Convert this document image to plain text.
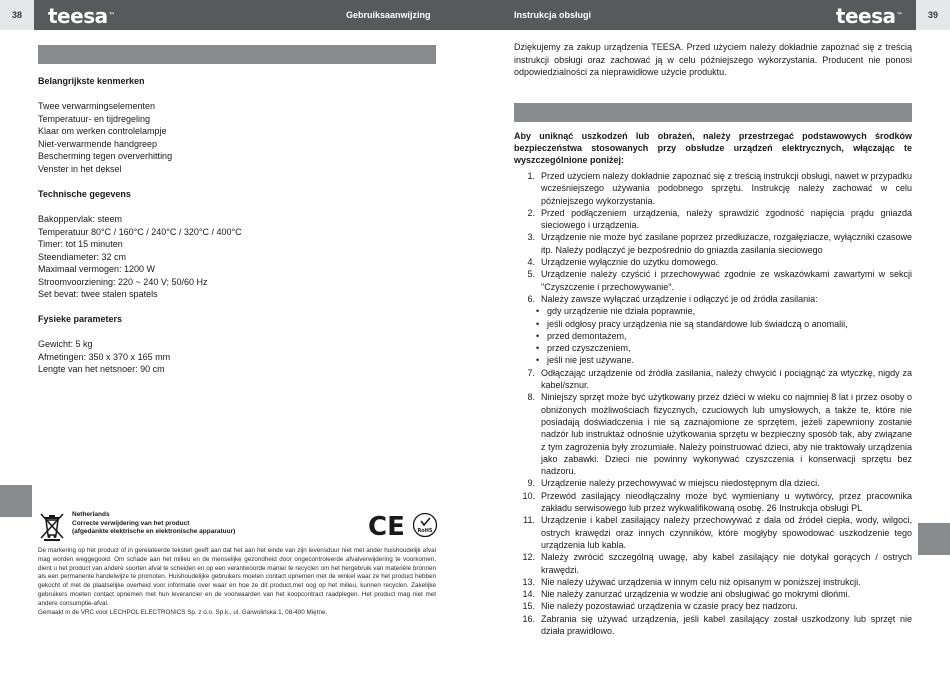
38	teesa™	Gebruiksaanwijzing	Instrukcja obsługi	teesa™	39
Belangrijkste kenmerken
Twee verwarmingselementen
Temperatuur- en tijdregeling
Klaar om werken controlelampje
Niet-verwarmende handgreep
Bescherming tegen oververhitting
Venster in het deksel
Technische gegevens
Bakoppervlak: steem
Temperatuur 80°C / 160°C / 240°C / 320°C / 400°C
Timer: tot 15 minuten
Steendiameter: 32 cm
Maximaal vermogen: 1200 W
Stroomvoorziening: 220 ~ 240 V; 50/60 Hz
Set bevat: twee stalen spatels
Fysieke parameters
Gewicht: 5 kg
Afmetingen: 350 x 370 x 165 mm
Lengte van het netsnoer: 90 cm
Netherlands
Correcte verwijdering van het product
(afgedankte elektrische en elektronische apparatuur)	CE	RoHS
De markering op het product of in gerelateerde teksten geeft aan dat het aan het einde van zijn levensduur niet met ander huishoudelijk afval mag worden weggegooid. Om schade aan het milieu en de menselijke gezondheid door ongecontroleerde afvalverwijdering te voorkomen, dient u het product van andere soorten afval te scheiden en op een verantwoorde manier te recyclen om het hergebruik van materiële bronnen als een permanente handelwijze te promoten. Huishoudelijke gebruikers moeten contact opnemen met de winkel waar ze het product hebben gekocht of met de plaatselijke overheid voor informatie over waar en hoe ze dit product,met oog op het milieu, kunnen recyclen. Zakelijke gebruikers moeten contact opnemen met hun leverancier en de voorwaarden van het koopcontract raadplegen. Het product mag niet met andere consumptie-afval.
Gemaakt in de VRC voor LECHPOL ELECTRONICS Sp. z o.o. Sp.k., ul. Garwolińska 1, 08-400 Miętne.
Dziękujemy za zakup urządzenia TEESA. Przed użyciem należy dokładnie zapoznać się z treścią instrukcji obsługi oraz zachować ją w celu późniejszego wykorzystania. Producent nie ponosi odpowiedzialności za nieprawidłowe użycie produktu.
Aby uniknąć uszkodzeń lub obrażeń, należy przestrzegać podstawowych środków bezpieczeństwa stosowanych przy obsłudze urządzeń elektrycznych, włączając te wyszczególnione poniżej:
1. Przed użyciem należy dokładnie zapoznać się z treścią instrukcji obsługi, nawet w przypadku wcześniejszego używania podobnego sprzętu. Instrukcję należy zachować w celu późniejszego wykorzystania.
2. Przed podłączeniem urządzenia, należy sprawdzić zgodność napięcia prądu gniazda sieciowego i urządzenia.
3. Urządzenie nie może być zasilane poprzez przedłużacze, rozgałęziacze, wyłączniki czasowe itp. Należy podłączyć je bezpośrednio do gniazda zasilania sieciowego
4. Urządzenie wyłącznie do użytku domowego.
5. Urządzenie należy czyścić i przechowywać zgodnie ze wskazówkami zawartymi w sekcji "Czyszczenie i przechowywanie".
6. Należy zawsze wyłączać urządzenie i odłączyć je od źródła zasilania:
• gdy urządzenie nie działa poprawnie,
• jeśli odgłosy pracy urządzenia nie są standardowe lub świadczą o anomalii,
• przed demontażem,
• przed czyszczeniem,
• jeśli nie jest używane.
7. Odłączając urządzenie od źródła zasilania, należy chwycić i pociągnąć za wtyczkę, nigdy za kabel/sznur.
8. Niniejszy sprzęt może być użytkowany przez dzieci w wieku co najmniej 8 lat i przez osoby o obniżonych możliwościach fizycznych, czuciowych lub umysłowych, a także te, które nie posiadają doświadczenia i nie są zaznajomione ze sprzętem, jeżeli zapewniony zostanie nadzór lub instruktaż odnośnie użytkowania sprzętu w bezpieczny sposób tak, aby związane z tym zagrożenia były zrozumiałe. Należy poinstruować dzieci, aby nie traktowały urządzenia jako zabawki. Dzieci nie powinny wykonywać czyszczenia i konserwacji sprzętu bez nadzoru.
9. Urządzenie należy przechowywać w miejscu niedostępnym dla dzieci.
10. Przewód zasilający nieodłączalny może być wymieniany u wytwórcy, przez pracownika zakładu serwisowego lub przez wykwalifikowaną osobę. 26 Instrukcja obsługi PL
11. Urządzenie i kabel zasilający należy przechowywać z dala od źródeł ciepła, wody, wilgoci, ostrych krawędzi oraz innych czynników, które mogłyby spowodować uszkodzenie tego urządzenia lub kabla.
12. Należy zwrócić szczególną uwagę, aby kabel zasilający nie dotykał gorących / ostrych krawędzi.
13. Nie należy używać urządzenia w innym celu niż opisanym w poniższej instrukcji.
14. Nie należy zanurzać urządzenia w wodzie ani obsługiwać go mokrymi dłońmi.
15. Nie należy pozostawiać urządzenia w czasie pracy bez nadzoru.
16. Zabrania się używać urządzenia, jeśli kabel zasilający został uszkodzony lub sprzęt nie działa prawidłowo.
